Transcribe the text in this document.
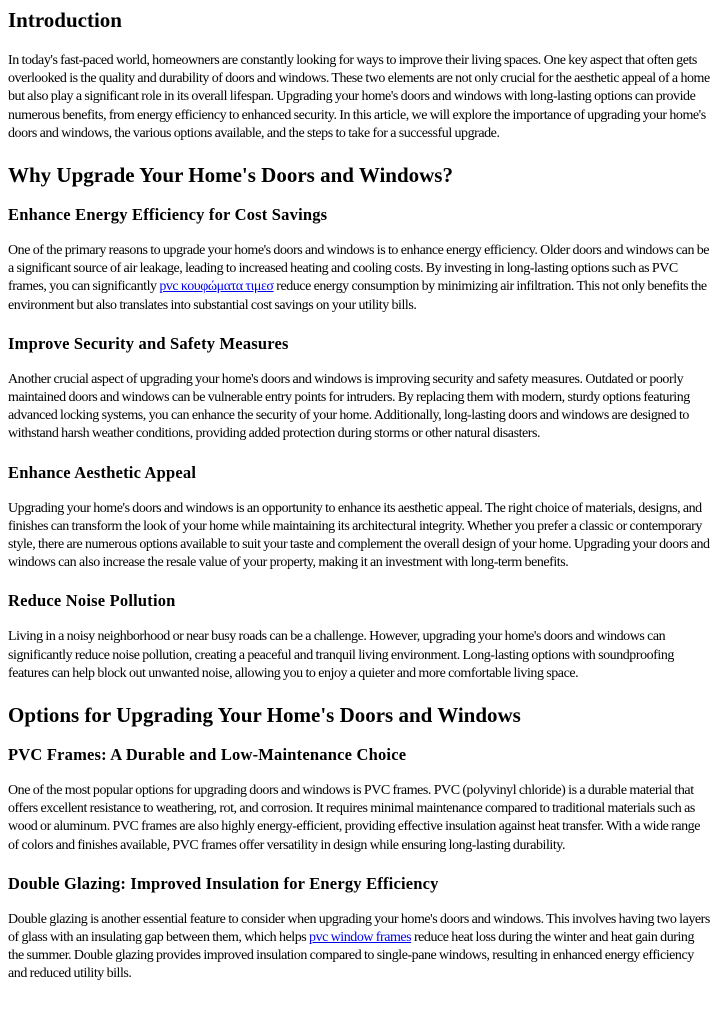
Introduction

In today's fast-paced world, homeowners are constantly looking for ways to improve their living spaces. One key aspect that often gets overlooked is the quality and durability of doors and windows. These two elements are not only crucial for the aesthetic appeal of a home but also play a significant role in its overall lifespan. Upgrading your home's doors and windows with long-lasting options can provide numerous benefits, from energy efficiency to enhanced security. In this article, we will explore the importance of upgrading your home's doors and windows, the various options available, and the steps to take for a successful upgrade.

Why Upgrade Your Home's Doors and Windows?
Enhance Energy Efficiency for Cost Savings

One of the primary reasons to upgrade your home's doors and windows is to enhance energy efficiency. Older doors and windows can be a significant source of air leakage, leading to increased heating and cooling costs. By investing in long-lasting options such as PVC frames, you can significantly pvc κουφώματα τιμεσ reduce energy consumption by minimizing air infiltration. This not only benefits the environment but also translates into substantial cost savings on your utility bills.

Improve Security and Safety Measures

Another crucial aspect of upgrading your home's doors and windows is improving security and safety measures. Outdated or poorly maintained doors and windows can be vulnerable entry points for intruders. By replacing them with modern, sturdy options featuring advanced locking systems, you can enhance the security of your home. Additionally, long-lasting doors and windows are designed to withstand harsh weather conditions, providing added protection during storms or other natural disasters.

Enhance Aesthetic Appeal

Upgrading your home's doors and windows is an opportunity to enhance its aesthetic appeal. The right choice of materials, designs, and finishes can transform the look of your home while maintaining its architectural integrity. Whether you prefer a classic or contemporary style, there are numerous options available to suit your taste and complement the overall design of your home. Upgrading your doors and windows can also increase the resale value of your property, making it an investment with long-term benefits.

Reduce Noise Pollution

Living in a noisy neighborhood or near busy roads can be a challenge. However, upgrading your home's doors and windows can significantly reduce noise pollution, creating a peaceful and tranquil living environment. Long-lasting options with soundproofing features can help block out unwanted noise, allowing you to enjoy a quieter and more comfortable living space.

Options for Upgrading Your Home's Doors and Windows
PVC Frames: A Durable and Low-Maintenance Choice

One of the most popular options for upgrading doors and windows is PVC frames. PVC (polyvinyl chloride) is a durable material that offers excellent resistance to weathering, rot, and corrosion. It requires minimal maintenance compared to traditional materials such as wood or aluminum. PVC frames are also highly energy-efficient, providing effective insulation against heat transfer. With a wide range of colors and finishes available, PVC frames offer versatility in design while ensuring long-lasting durability.

Double Glazing: Improved Insulation for Energy Efficiency

Double glazing is another essential feature to consider when upgrading your home's doors and windows. This involves having two layers of glass with an insulating gap between them, which helps pvc window frames reduce heat loss during the winter and heat gain during the summer. Double glazing provides improved insulation compared to single-pane windows, resulting in enhanced energy efficiency and reduced utility bills.
